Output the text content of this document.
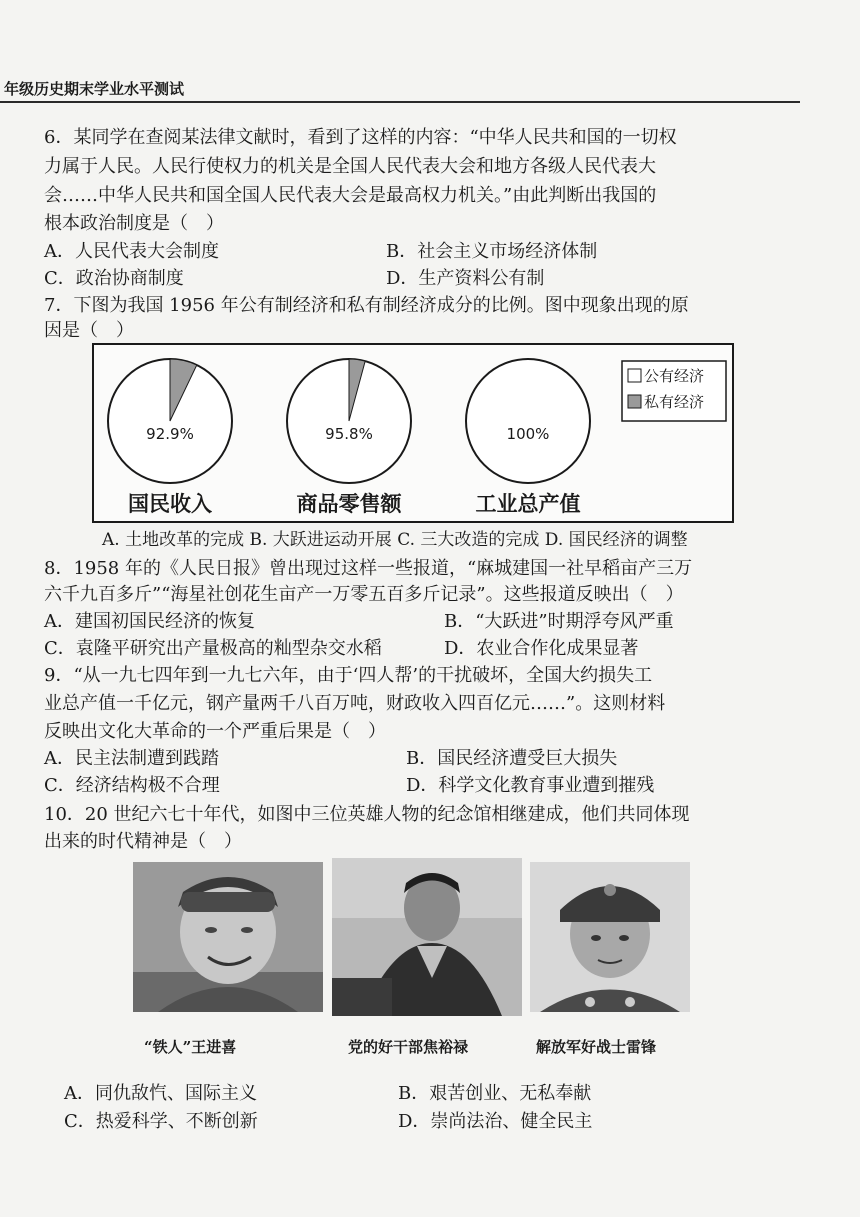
年级历史期末学业水平测试
6．某同学在查阅某法律文献时，看到了这样的内容：“中华人民共和国的一切权
力属于人民。人民行使权力的机关是全国人民代表大会和地方各级人民代表大
会……中华人民共和国全国人民代表大会是最高权力机关。”由此判断出我国的
根本政治制度是（　）
A．人民代表大会制度	B．社会主义市场经济体制
C．政治协商制度	D．生产资料公有制
7．下图为我国 1956 年公有制经济和私有制经济成分的比例。图中现象出现的原
因是（　）
92.9%
国民收入
95.8%
商品零售额
100%
工业总产值
公有经济
私有经济
A. 土地改革的完成 B. 大跃进运动开展 C. 三大改造的完成 D. 国民经济的调整
8．1958 年的《人民日报》曾出现过这样一些报道，“麻城建国一社早稻亩产三万
六千九百多斤”“海星社创花生亩产一万零五百多斤记录”。这些报道反映出（　）
A．建国初国民经济的恢复	B．“大跃进”时期浮夸风严重
C．袁隆平研究出产量极高的籼型杂交水稻	D．农业合作化成果显著
9．“从一九七四年到一九七六年，由于‘四人帮’的干扰破坏，全国大约损失工
业总产值一千亿元，钢产量两千八百万吨，财政收入四百亿元……”。这则材料
反映出文化大革命的一个严重后果是（　）
A．民主法制遭到践踏	B．国民经济遭受巨大损失
C．经济结构极不合理	D．科学文化教育事业遭到摧残
10．20 世纪六七十年代，如图中三位英雄人物的纪念馆相继建成，他们共同体现
出来的时代精神是（　）
“铁人”王进喜	党的好干部焦裕禄	解放军好战士雷锋
A．同仇敌忾、国际主义	B．艰苦创业、无私奉献
C．热爱科学、不断创新	D．崇尚法治、健全民主
